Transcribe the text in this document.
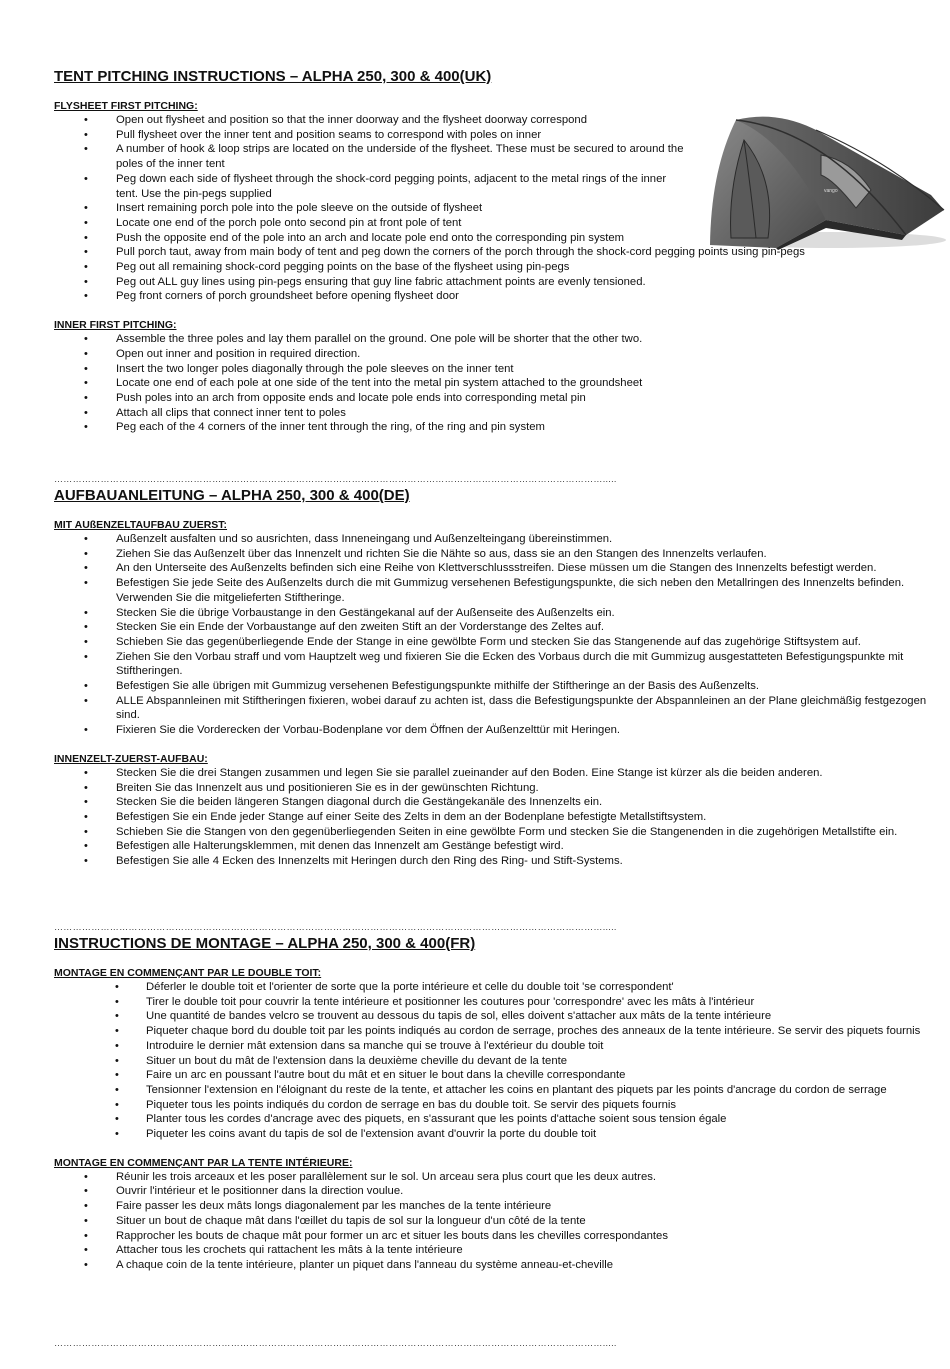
vango
TENT PITCHING INSTRUCTIONS – ALPHA 250, 300 & 400(UK)

FLYSHEET FIRST PITCHING:

• Open out flysheet and position so that the inner doorway and the flysheet doorway correspond
• Pull flysheet over the inner tent and position seams to correspond with poles on inner
• A number of hook & loop strips are located on the underside of the flysheet. These must be secured to around the poles of the inner tent
• Peg down each side of flysheet through the shock-cord pegging points, adjacent to the metal rings of the inner tent. Use the pin-pegs supplied
• Insert remaining porch pole into the pole sleeve on the outside of flysheet
• Locate one end of the porch pole onto second pin at front pole of tent
• Push the opposite end of the pole into an arch and locate pole end onto the corresponding pin system
• Pull porch taut, away from main body of tent and peg down the corners of the porch through the shock-cord pegging points using pin-pegs
• Peg out all remaining shock-cord pegging points on the base of the flysheet using pin-pegs
• Peg out ALL guy lines using pin-pegs ensuring that guy line fabric attachment points are evenly tensioned.
• Peg front corners of porch groundsheet before opening flysheet door

INNER FIRST PITCHING:

• Assemble the three poles and lay them parallel on the ground. One pole will be shorter that the other two.
• Open out inner and position in required direction.
• Insert the two longer poles diagonally through the pole sleeves on the inner tent
• Locate one end of each pole at one side of the tent into the metal pin system attached to the groundsheet
• Push poles into an arch from opposite ends and locate pole ends into corresponding metal pin
• Attach all clips that connect inner tent to poles
• Peg each of the 4 corners of the inner tent through the ring, of the ring and pin system
…………………………………………………………………………………………………………………………………………………………….....
AUFBAUANLEITUNG – ALPHA 250, 300 & 400(DE)

MIT AUßENZELTAUFBAU ZUERST:

• Außenzelt ausfalten und so ausrichten, dass Inneneingang und Außenzelteingang übereinstimmen.
• Ziehen Sie das Außenzelt über das Innenzelt und richten Sie die Nähte so aus, dass sie an den Stangen des Innenzelts verlaufen.
• An den Unterseite des Außenzelts befinden sich eine Reihe von Klettverschlussstreifen. Diese müssen um die Stangen des Innenzelts befestigt werden.
• Befestigen Sie jede Seite des Außenzelts durch die mit Gummizug versehenen Befestigungspunkte, die sich neben den Metallringen des Innenzelts befinden. Verwenden Sie die mitgelieferten Stiftheringe.
• Stecken Sie die übrige Vorbaustange in den Gestängekanal auf der Außenseite des Außenzelts ein.
• Stecken Sie ein Ende der Vorbaustange auf den zweiten Stift an der Vorderstange des Zeltes auf.
• Schieben Sie das gegenüberliegende Ende der Stange in eine gewölbte Form und stecken Sie das Stangenende auf das zugehörige Stiftsystem auf.
• Ziehen Sie den Vorbau straff und vom Hauptzelt weg und fixieren Sie die Ecken des Vorbaus durch die mit Gummizug ausgestatteten Befestigungspunkte mit Stiftheringen.
• Befestigen Sie alle übrigen mit Gummizug versehenen Befestigungspunkte mithilfe der Stiftheringe an der Basis des Außenzelts.
• ALLE Abspannleinen mit Stiftheringen fixieren, wobei darauf zu achten ist, dass die Befestigungspunkte der Abspannleinen an der Plane gleichmäßig festgezogen sind.
• Fixieren Sie die Vorderecken der Vorbau-Bodenplane vor dem Öffnen der Außenzelttür mit Heringen.

INNENZELT-ZUERST-AUFBAU:

• Stecken Sie die drei Stangen zusammen und legen Sie sie parallel zueinander auf den Boden. Eine Stange ist kürzer als die beiden anderen.
• Breiten Sie das Innenzelt aus und positionieren Sie es in der gewünschten Richtung.
• Stecken Sie die beiden längeren Stangen diagonal durch die Gestängekanäle des Innenzelts ein.
• Befestigen Sie ein Ende jeder Stange auf einer Seite des Zelts in dem an der Bodenplane befestigte Metallstiftsystem.
• Schieben Sie die Stangen von den gegenüberliegenden Seiten in eine gewölbte Form und stecken Sie die Stangenenden in die zugehörigen Metallstifte ein.
• Befestigen alle Halterungsklemmen, mit denen das Innenzelt am Gestänge befestigt wird.
• Befestigen Sie alle 4 Ecken des Innenzelts mit Heringen durch den Ring des Ring- und Stift-Systems.
…………………………………………………………………………………………………………………………………………………………….....
INSTRUCTIONS DE MONTAGE – ALPHA 250, 300 & 400(FR)

MONTAGE EN COMMENÇANT PAR LE DOUBLE TOIT:

• Déferler le double toit et l'orienter de sorte que la porte intérieure et celle du double toit 'se correspondent'
• Tirer le double toit pour couvrir la tente intérieure et positionner les coutures pour 'correspondre' avec les mâts à l'intérieur
• Une quantité de bandes velcro se trouvent au dessous du tapis de sol, elles doivent s'attacher aux mâts de la tente intérieure
• Piqueter chaque bord du double toit par les points indiqués au cordon de serrage, proches des anneaux de la tente intérieure. Se servir des piquets fournis
• Introduire le dernier mât extension dans sa manche qui se trouve à l'extérieur du double toit
• Situer un bout du mât de l'extension dans la deuxième cheville du devant de la tente
• Faire un arc en poussant l'autre bout du mât et en situer le bout dans la cheville correspondante
• Tensionner l'extension en l'éloignant du reste de la tente, et attacher les coins en plantant des piquets par les points d'ancrage du cordon de serrage
• Piqueter tous les points indiqués du cordon de serrage en bas du double toit. Se servir des piquets fournis
• Planter tous les cordes d'ancrage avec des piquets, en s'assurant que les points d'attache soient sous tension égale
• Piqueter les coins avant du tapis de sol de l'extension avant d'ouvrir la porte du double toit

MONTAGE EN COMMENÇANT PAR LA TENTE INTÉRIEURE:

• Réunir les trois arceaux et les poser parallèlement sur le sol. Un arceau sera plus court que les deux autres.
• Ouvrir l'intérieur et le positionner dans la direction voulue.
• Faire passer les deux mâts longs diagonalement par les manches de la tente intérieure
• Situer un bout de chaque mât dans l'œillet du tapis de sol sur la longueur d'un côté de la tente
• Rapprocher les bouts de chaque mât pour former un arc et situer les bouts dans les chevilles correspondantes
• Attacher tous les crochets qui rattachent les mâts à la tente intérieure
• A chaque coin de la tente intérieure, planter un piquet dans l'anneau du système anneau-et-cheville
…………………………………………………………………………………………………………………………………………………………….....
